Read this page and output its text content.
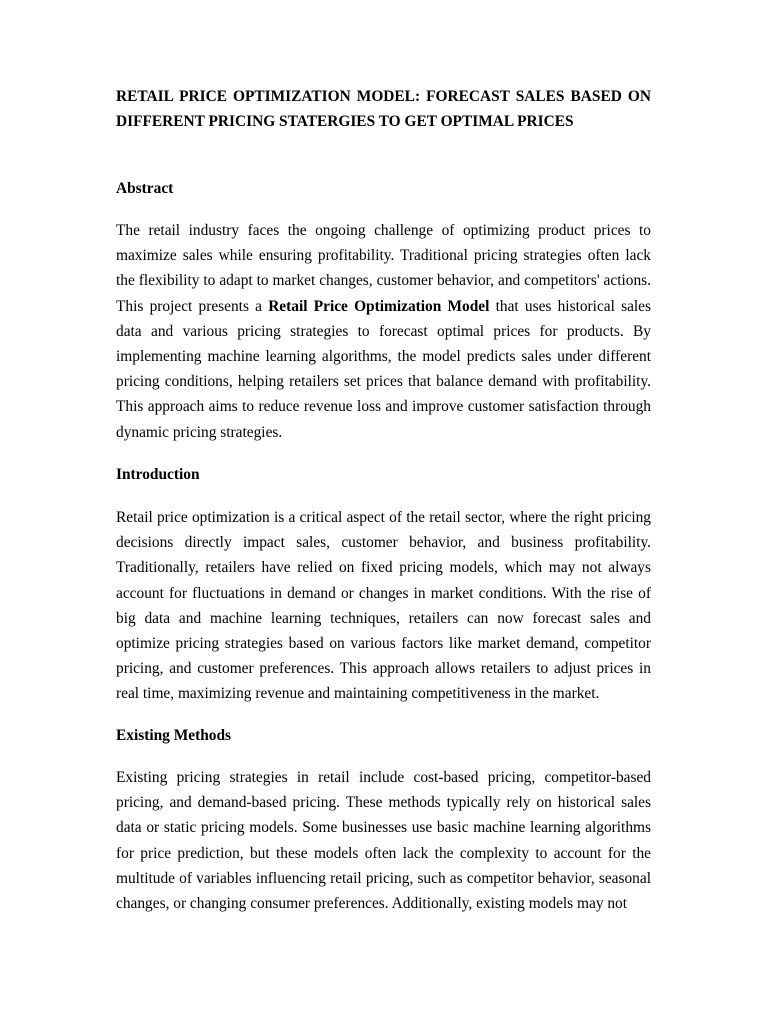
RETAIL PRICE OPTIMIZATION MODEL: FORECAST SALES BASED ON DIFFERENT PRICING STATERGIES TO GET OPTIMAL PRICES
Abstract

The retail industry faces the ongoing challenge of optimizing product prices to maximize sales while ensuring profitability. Traditional pricing strategies often lack the flexibility to adapt to market changes, customer behavior, and competitors' actions. This project presents a Retail Price Optimization Model that uses historical sales data and various pricing strategies to forecast optimal prices for products. By implementing machine learning algorithms, the model predicts sales under different pricing conditions, helping retailers set prices that balance demand with profitability. This approach aims to reduce revenue loss and improve customer satisfaction through dynamic pricing strategies.

Introduction

Retail price optimization is a critical aspect of the retail sector, where the right pricing decisions directly impact sales, customer behavior, and business profitability. Traditionally, retailers have relied on fixed pricing models, which may not always account for fluctuations in demand or changes in market conditions. With the rise of big data and machine learning techniques, retailers can now forecast sales and optimize pricing strategies based on various factors like market demand, competitor pricing, and customer preferences. This approach allows retailers to adjust prices in real time, maximizing revenue and maintaining competitiveness in the market.

Existing Methods

Existing pricing strategies in retail include cost-based pricing, competitor-based pricing, and demand-based pricing. These methods typically rely on historical sales data or static pricing models. Some businesses use basic machine learning algorithms for price prediction, but these models often lack the complexity to account for the multitude of variables influencing retail pricing, such as competitor behavior, seasonal changes, or changing consumer preferences. Additionally, existing models may not
